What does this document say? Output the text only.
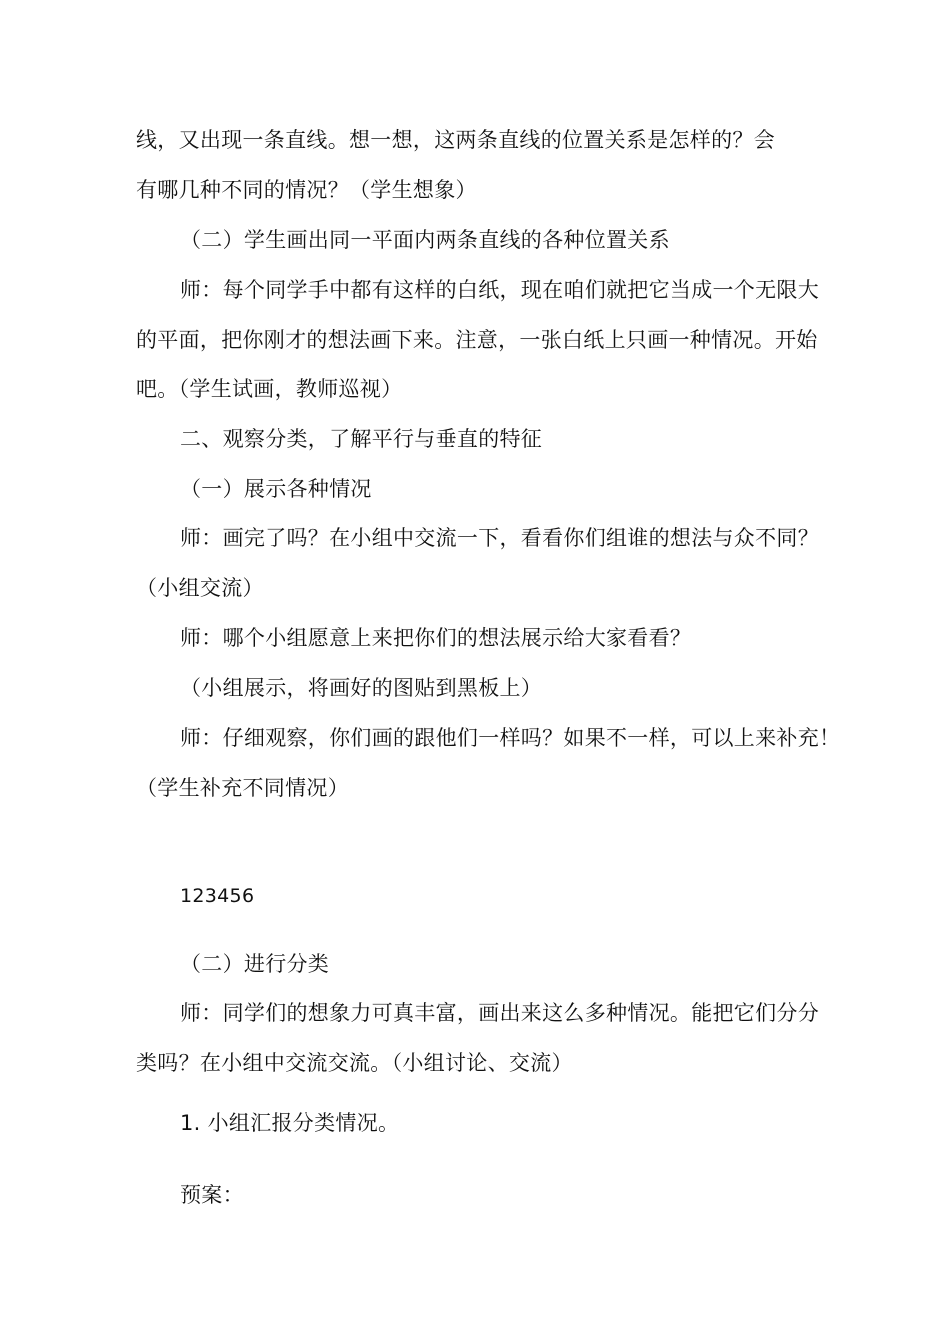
线，又出现一条直线。想一想，这两条直线的位置关系是怎样的？会
有哪几种不同的情况？（学生想象）
（二）学生画出同一平面内两条直线的各种位置关系
师：每个同学手中都有这样的白纸，现在咱们就把它当成一个无限大
的平面，把你刚才的想法画下来。注意，一张白纸上只画一种情况。开始
吧。（学生试画，教师巡视）
二、观察分类，了解平行与垂直的特征
（一）展示各种情况
师：画完了吗？在小组中交流一下，看看你们组谁的想法与众不同？
（小组交流）
师：哪个小组愿意上来把你们的想法展示给大家看看？
（小组展示，将画好的图贴到黑板上）
师：仔细观察，你们画的跟他们一样吗？如果不一样，可以上来补充！
（学生补充不同情况）
123456
（二）进行分类
师：同学们的想象力可真丰富，画出来这么多种情况。能把它们分分
类吗？在小组中交流交流。（小组讨论、交流）
1. 小组汇报分类情况。
预案：
